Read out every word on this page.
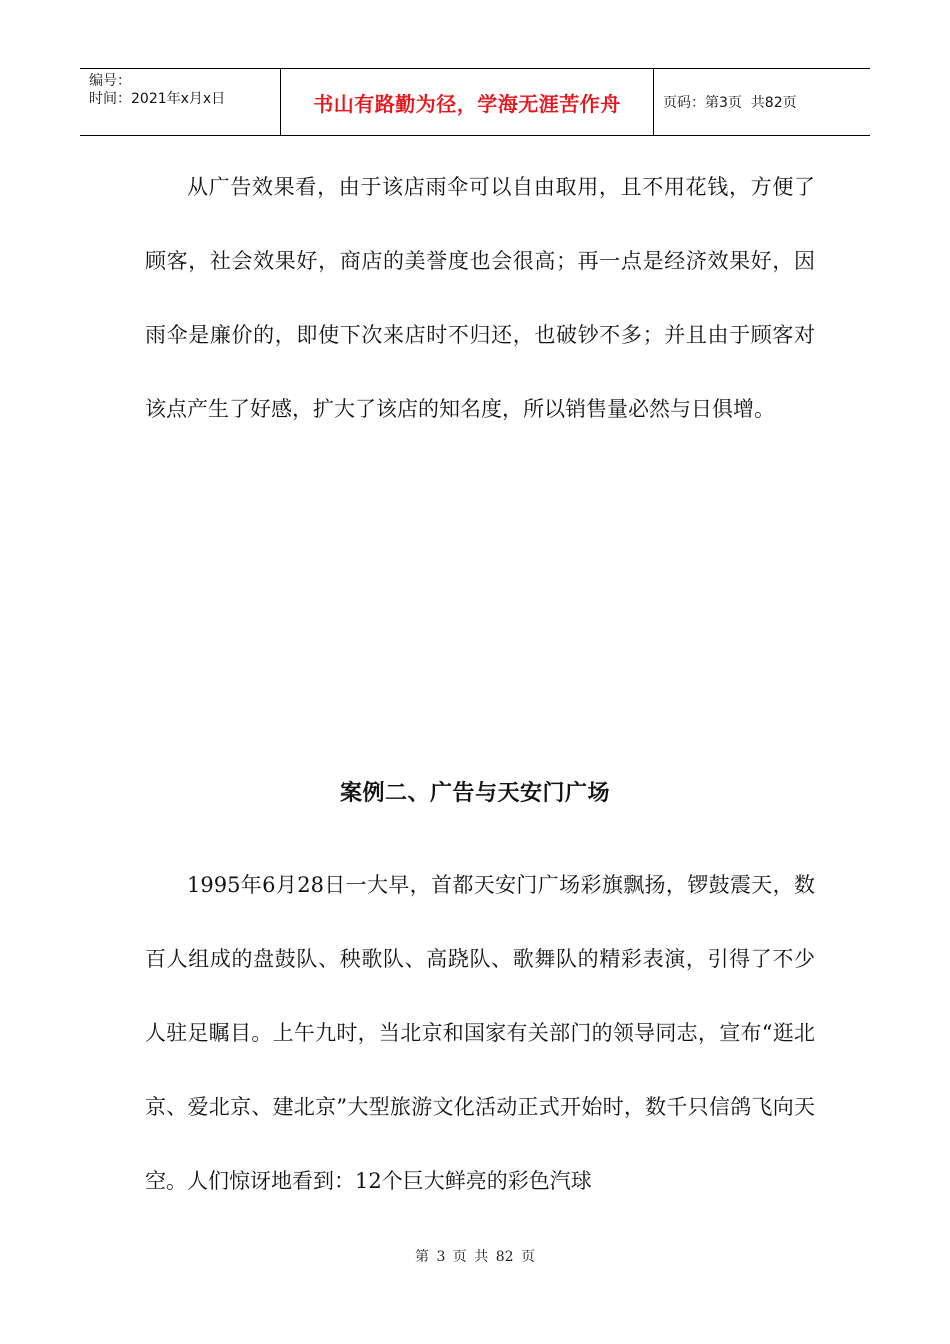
编号：
时间：2021年x月x日	书山有路勤为径，学海无涯苦作舟	页码：第3页  共82页

从广告效果看，由于该店雨伞可以自由取用，且不用花钱，方便了顾客，社会效果好，商店的美誉度也会很高；再一点是经济效果好，因雨伞是廉价的，即使下次来店时不归还，也破钞不多；并且由于顾客对该点产生了好感，扩大了该店的知名度，所以销售量必然与日俱增。

案例二、广告与天安门广场

1995年6月28日一大早，首都天安门广场彩旗飘扬，锣鼓震天，数百人组成的盘鼓队、秧歌队、高跷队、歌舞队的精彩表演，引得了不少人驻足瞩目。上午九时，当北京和国家有关部门的领导同志，宣布“逛北京、爱北京、建北京”大型旅游文化活动正式开始时，数千只信鸽飞向天空。人们惊讶地看到：12个巨大鲜亮的彩色汽球

第 3 页 共 82 页
